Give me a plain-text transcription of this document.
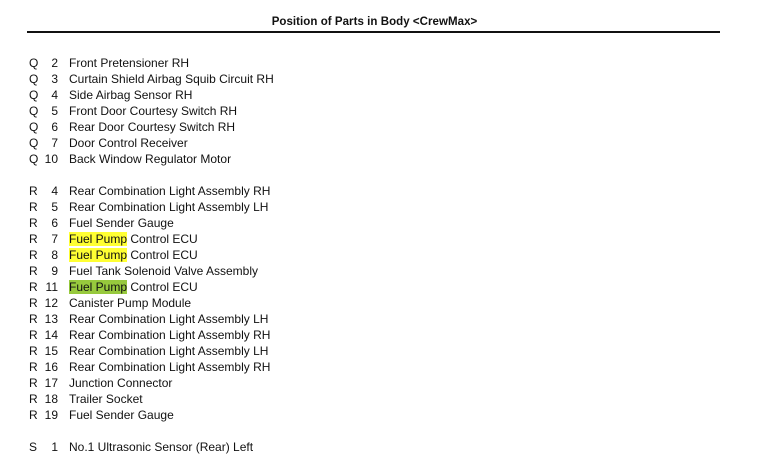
Position of Parts in Body <CrewMax>
Q	2 Front Pretensioner RH
Q	3 Curtain Shield Airbag Squib Circuit RH
Q	4 Side Airbag Sensor RH
Q	5 Front Door Courtesy Switch RH
Q	6 Rear Door Courtesy Switch RH
Q	7 Door Control Receiver
Q 10 Back Window Regulator Motor
R	4 Rear Combination Light Assembly RH
R	5 Rear Combination Light Assembly LH
R	6 Fuel Sender Gauge
R	7 Fuel Pump Control ECU
R	8 Fuel Pump Control ECU
R	9 Fuel Tank Solenoid Valve Assembly
R 11 Fuel Pump Control ECU
R 12 Canister Pump Module
R 13 Rear Combination Light Assembly LH
R 14 Rear Combination Light Assembly RH
R 15 Rear Combination Light Assembly LH
R 16 Rear Combination Light Assembly RH
R 17 Junction Connector
R 18 Trailer Socket
R 19 Fuel Sender Gauge
S	1 No.1 Ultrasonic Sensor (Rear) Left
